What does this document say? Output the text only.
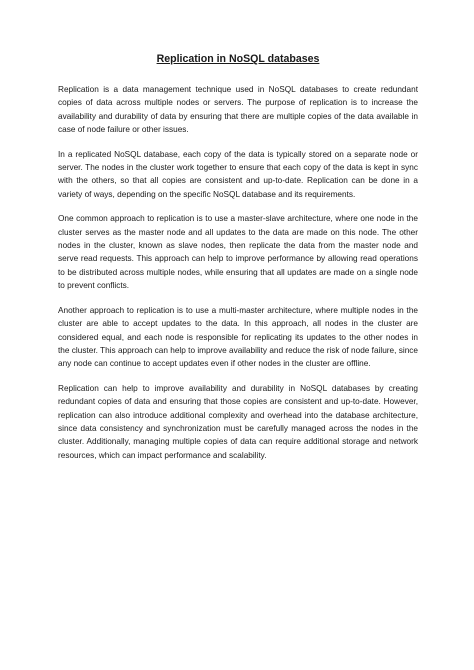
Replication in NoSQL databases

Replication is a data management technique used in NoSQL databases to create redundant copies of data across multiple nodes or servers. The purpose of replication is to increase the availability and durability of data by ensuring that there are multiple copies of the data available in case of node failure or other issues.

In a replicated NoSQL database, each copy of the data is typically stored on a separate node or server. The nodes in the cluster work together to ensure that each copy of the data is kept in sync with the others, so that all copies are consistent and up-to-date. Replication can be done in a variety of ways, depending on the specific NoSQL database and its requirements.

One common approach to replication is to use a master-slave architecture, where one node in the cluster serves as the master node and all updates to the data are made on this node. The other nodes in the cluster, known as slave nodes, then replicate the data from the master node and serve read requests. This approach can help to improve performance by allowing read operations to be distributed across multiple nodes, while ensuring that all updates are made on a single node to prevent conflicts.

Another approach to replication is to use a multi-master architecture, where multiple nodes in the cluster are able to accept updates to the data. In this approach, all nodes in the cluster are considered equal, and each node is responsible for replicating its updates to the other nodes in the cluster. This approach can help to improve availability and reduce the risk of node failure, since any node can continue to accept updates even if other nodes in the cluster are offline.

Replication can help to improve availability and durability in NoSQL databases by creating redundant copies of data and ensuring that those copies are consistent and up-to-date. However, replication can also introduce additional complexity and overhead into the database architecture, since data consistency and synchronization must be carefully managed across the nodes in the cluster. Additionally, managing multiple copies of data can require additional storage and network resources, which can impact performance and scalability.
